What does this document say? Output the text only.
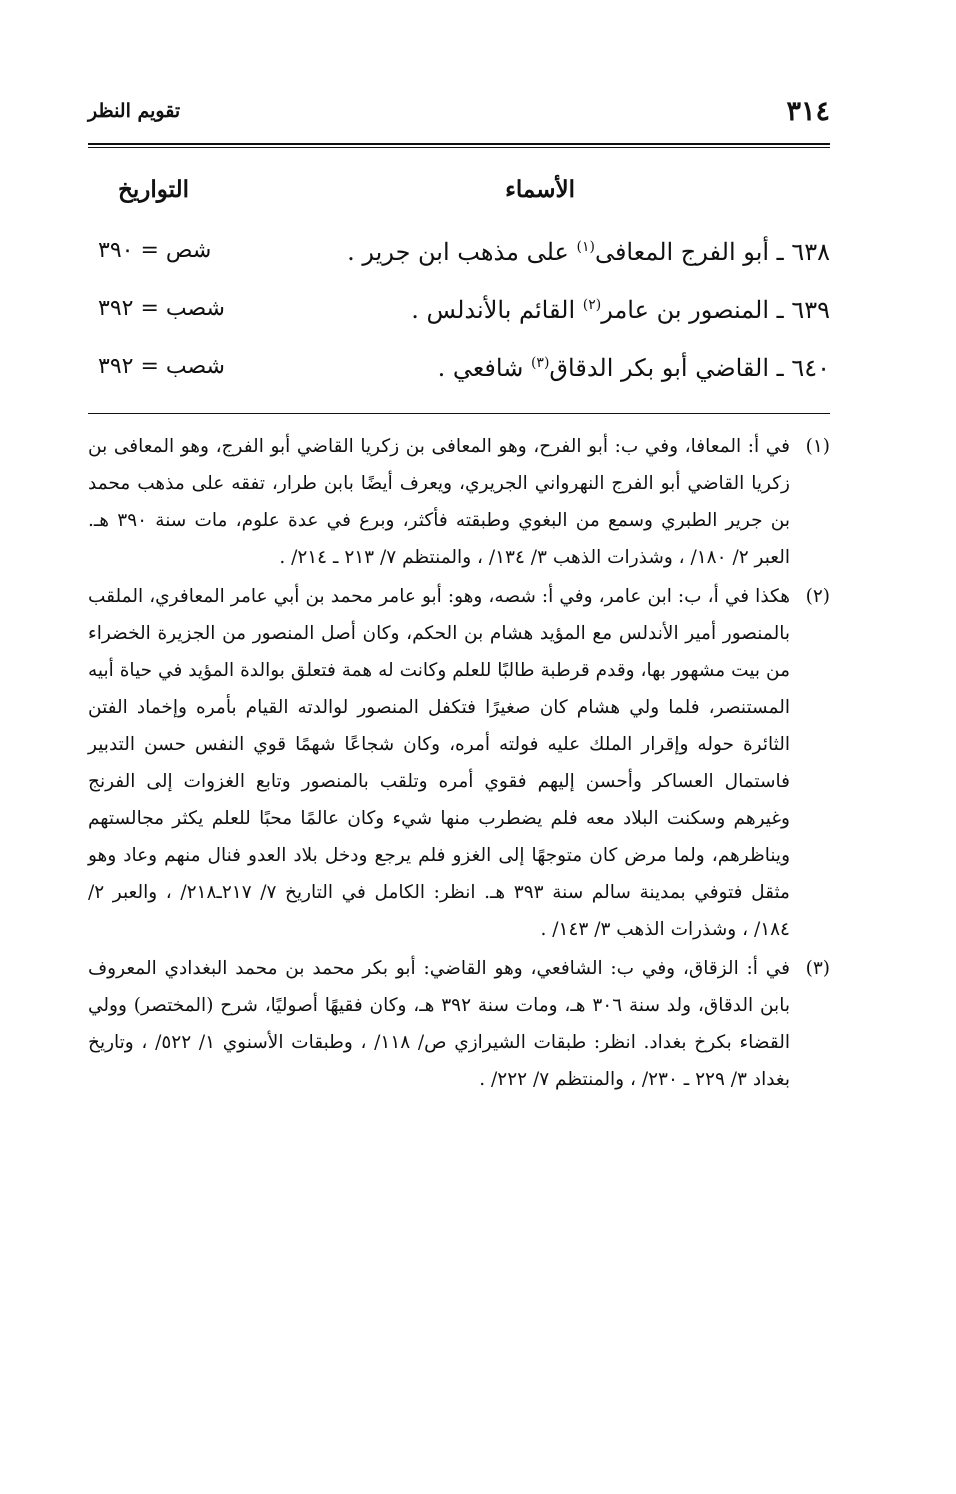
٣١٤
تقويم النظر
الأسماء
التواريخ
٦٣٨ ـ أبو الفرج المعافى$^{(١)}$ على مذهب ابن جرير .
شص = ٣٩٠
٦٣٩ ـ المنصور بن عامر$^{(٢)}$ القائم بالأندلس .
شصب = ٣٩٢
٦٤٠ ـ القاضي أبو بكر الدقاق$^{(٣)}$ شافعي .
شصب = ٣٩٢
(١)
في أ: المعافا، وفي ب: أبو الفرح، وهو المعافى بن زكريا القاضي أبو الفرج، وهو المعافى بن زكريا القاضي أبو الفرج النهرواني الجريري، ويعرف أيضًا بابن طرار، تفقه على مذهب محمد بن جرير الطبري وسمع من البغوي وطبقته فأكثر، وبرع في عدة علوم، مات سنة ٣٩٠ هـ. العبر ٢/ ١٨٠/ ، وشذرات الذهب ٣/ ١٣٤/ ، والمنتظم ٧/ ٢١٣ ـ ٢١٤/ .
(٢)
هكذا في أ، ب: ابن عامر، وفي أ: شصه، وهو: أبو عامر محمد بن أبي عامر المعافري، الملقب بالمنصور أمير الأندلس مع المؤيد هشام بن الحكم، وكان أصل المنصور من الجزيرة الخضراء من بيت مشهور بها، وقدم قرطبة طالبًا للعلم وكانت له همة فتعلق بوالدة المؤيد في حياة أبيه المستنصر، فلما ولي هشام كان صغيرًا فتكفل المنصور لوالدته القيام بأمره وإخماد الفتن الثائرة حوله وإقرار الملك عليه فولته أمره، وكان شجاعًا شهمًا قوي النفس حسن التدبير فاستمال العساكر وأحسن إليهم فقوي أمره وتلقب بالمنصور وتابع الغزوات إلى الفرنج وغيرهم وسكنت البلاد معه فلم يضطرب منها شيء وكان عالمًا محبًا للعلم يكثر مجالستهم ويناظرهم، ولما مرض كان متوجهًا إلى الغزو فلم يرجع ودخل بلاد العدو فنال منهم وعاد وهو مثقل فتوفي بمدينة سالم سنة ٣٩٣ هـ. انظر: الكامل في التاريخ ٧/ ٢١٧ـ٢١٨/ ، والعبر ٢/ ١٨٤/ ، وشذرات الذهب ٣/ ١٤٣/ .
(٣)
في أ: الزقاق، وفي ب: الشافعي، وهو القاضي: أبو بكر محمد بن محمد البغدادي المعروف بابن الدقاق، ولد سنة ٣٠٦ هـ، ومات سنة ٣٩٢ هـ، وكان فقيهًا أصوليًا، شرح (المختصر) وولي القضاء بكرخ بغداد. انظر: طبقات الشيرازي ص/ ١١٨/ ، وطبقات الأسنوي ١/ ٥٢٢/ ، وتاريخ بغداد ٣/ ٢٢٩ ـ ٢٣٠/ ، والمنتظم ٧/ ٢٢٢/ .
